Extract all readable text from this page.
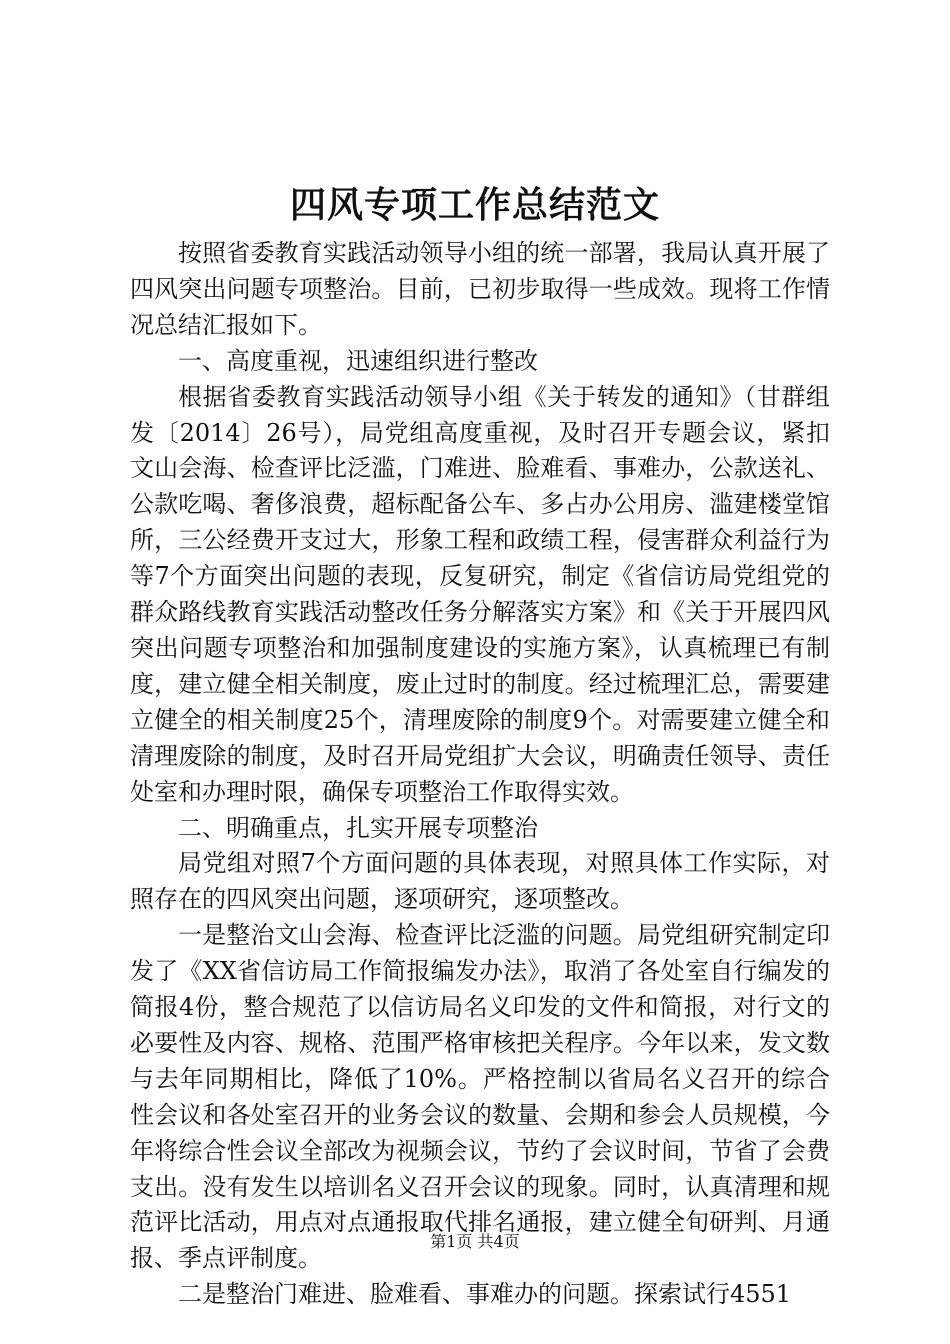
四风专项工作总结范文

按照省委教育实践活动领导小组的统一部署，我局认真开展了四风突出问题专项整治。目前，已初步取得一些成效。现将工作情况总结汇报如下。

一、高度重视，迅速组织进行整改

根据省委教育实践活动领导小组《关于转发的通知》（甘群组发〔2014〕26号），局党组高度重视，及时召开专题会议，紧扣文山会海、检查评比泛滥，门难进、脸难看、事难办，公款送礼、公款吃喝、奢侈浪费，超标配备公车、多占办公用房、滥建楼堂馆所，三公经费开支过大，形象工程和政绩工程，侵害群众利益行为等7个方面突出问题的表现，反复研究，制定《省信访局党组党的群众路线教育实践活动整改任务分解落实方案》和《关于开展四风突出问题专项整治和加强制度建设的实施方案》，认真梳理已有制度，建立健全相关制度，废止过时的制度。经过梳理汇总，需要建立健全的相关制度25个，清理废除的制度9个。对需要建立健全和清理废除的制度，及时召开局党组扩大会议，明确责任领导、责任处室和办理时限，确保专项整治工作取得实效。

二、明确重点，扎实开展专项整治

局党组对照7个方面问题的具体表现，对照具体工作实际，对照存在的四风突出问题，逐项研究，逐项整改。

一是整治文山会海、检查评比泛滥的问题。局党组研究制定印发了《XX省信访局工作简报编发办法》，取消了各处室自行编发的简报4份，整合规范了以信访局名义印发的文件和简报，对行文的必要性及内容、规格、范围严格审核把关程序。今年以来，发文数与去年同期相比，降低了10%。严格控制以省局名义召开的综合性会议和各处室召开的业务会议的数量、会期和参会人员规模，今年将综合性会议全部改为视频会议，节约了会议时间，节省了会费支出。没有发生以培训名义召开会议的现象。同时，认真清理和规范评比活动，用点对点通报取代排名通报，建立健全旬研判、月通报、季点评制度。

二是整治门难进、脸难看、事难办的问题。探索试行4551

第1页 共4页
